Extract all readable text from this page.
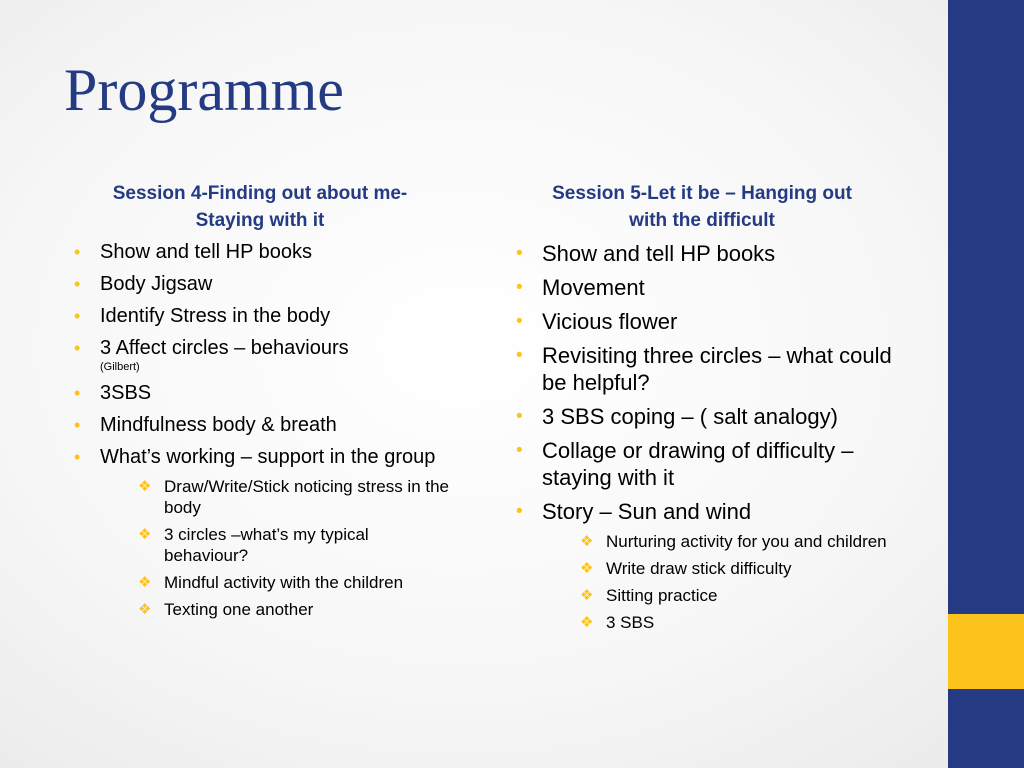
Programme
Session 4-Finding out about me-
Staying with it
• Show and tell HP books
• Body Jigsaw
• Identify Stress in the body
• 3 Affect circles – behaviours
(Gilbert)
• 3SBS
• Mindfulness body & breath
• What’s working – support in the group
❖ Draw/Write/Stick noticing stress in the body
❖ 3 circles –what’s my typical behaviour?
❖ Mindful activity with the children
❖ Texting one another
Session 5-Let it be – Hanging out
with the difficult
• Show and tell HP books
• Movement
• Vicious flower
• Revisiting three circles – what could be helpful?
• 3 SBS coping – ( salt analogy)
• Collage or drawing of difficulty – staying with it
• Story – Sun and wind
❖ Nurturing activity for you and children
❖ Write draw stick difficulty
❖ Sitting practice
❖ 3 SBS
